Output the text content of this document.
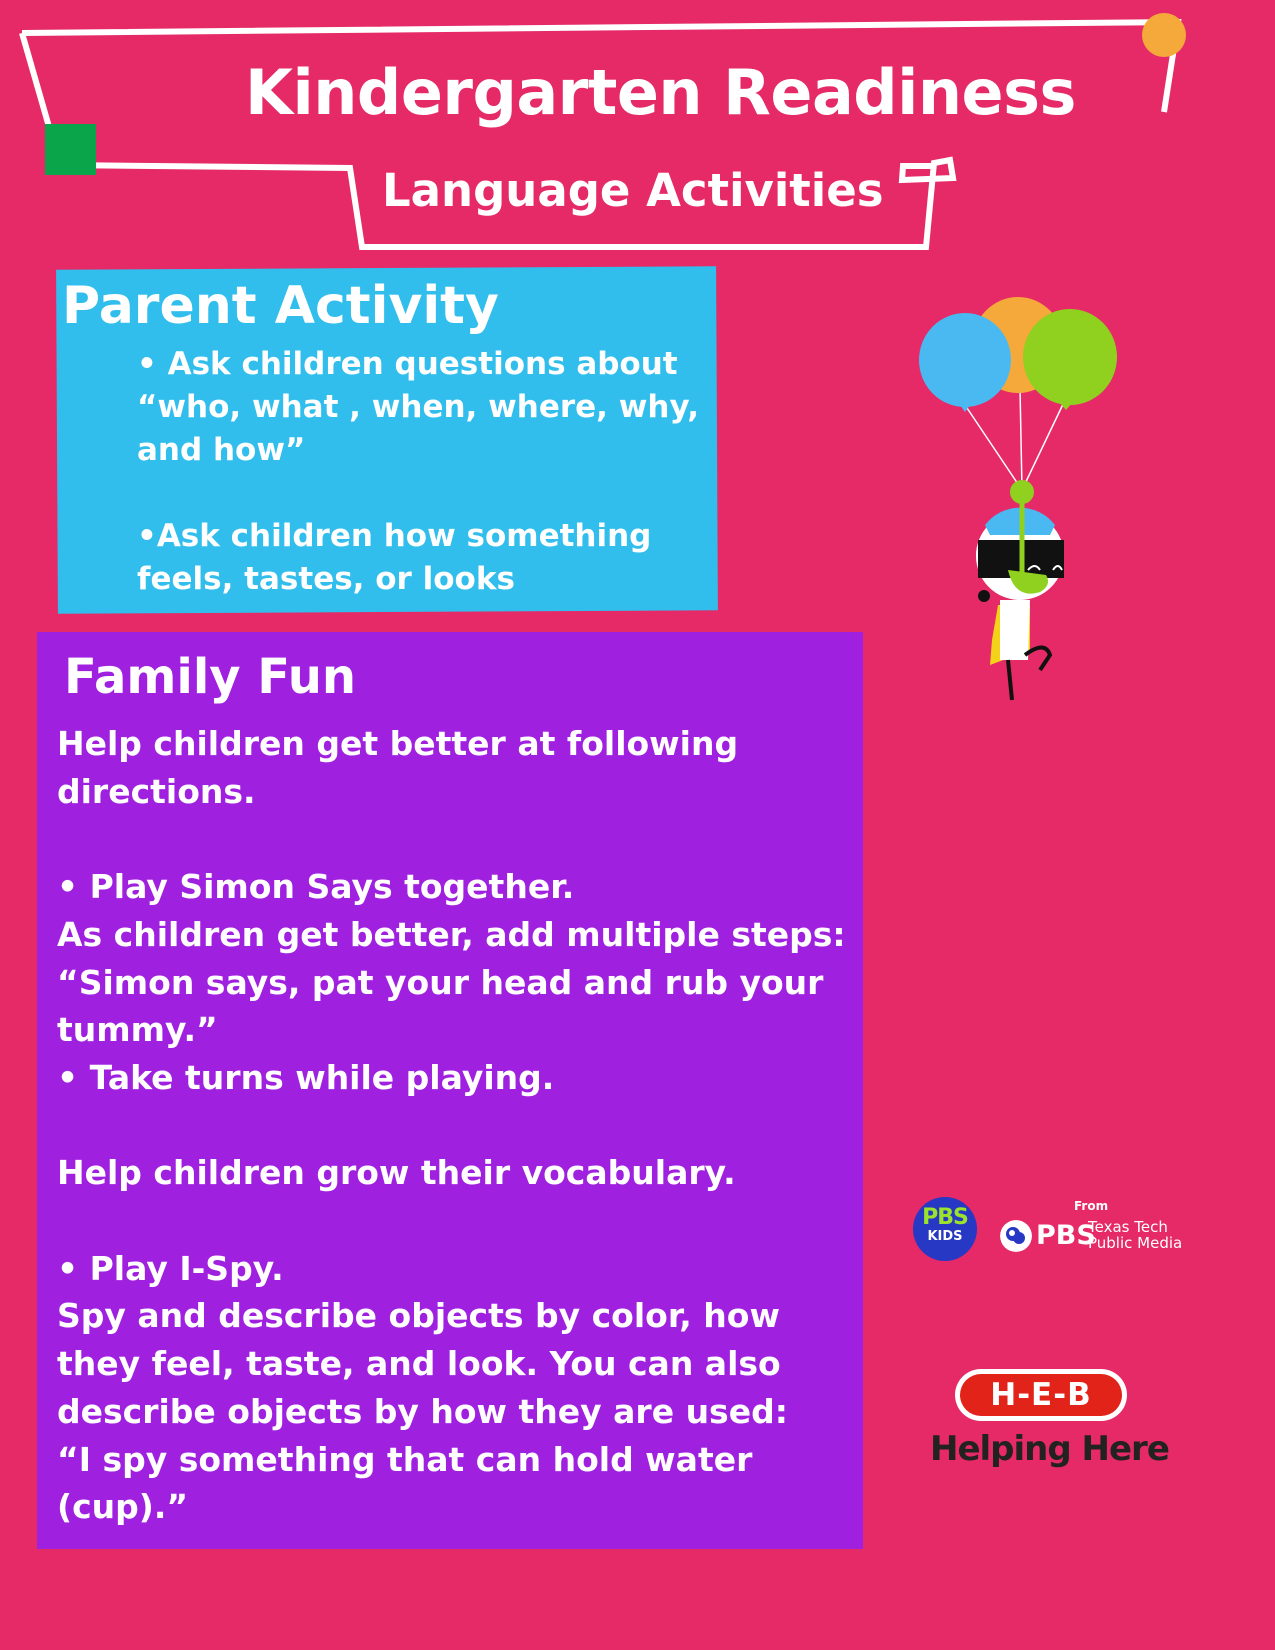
Kindergarten Readiness
Language Activities
Parent Activity

• Ask children questions about

“who, what , when, where, why,

and how”

•Ask children how something

feels, tastes, or looks

Family Fun

Help children get better at following

directions.

• Play Simon Says together.

As children get better, add multiple steps:

“Simon says, pat your head and rub your

tummy.”

• Take turns while playing.

Help children grow their vocabulary.

• Play I-Spy.

Spy and describe objects by color, how

they feel, taste, and look. You can also

describe objects by how they are used:

“I spy something that can hold water

(cup).”

PBS
KIDS
From
PBS
Texas Tech
Public Media
H-E-B
Helping Here
